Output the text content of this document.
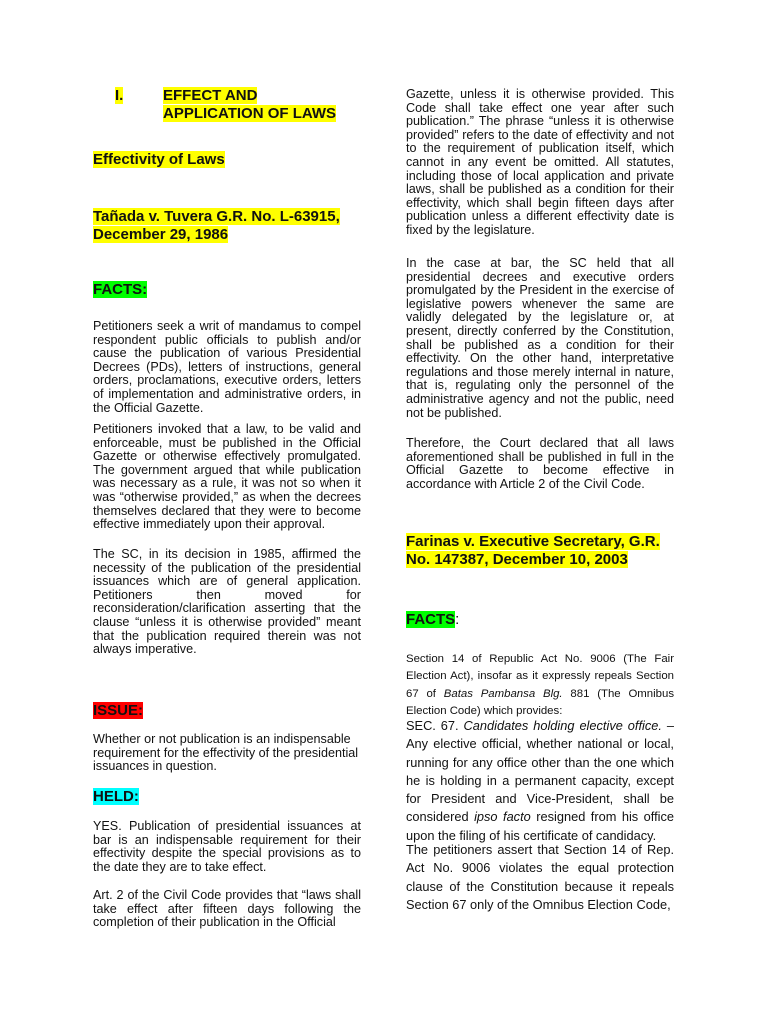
I.	EFFECT AND
APPLICATION OF LAWS
Effectivity of Laws
Tañada v. Tuvera G.R. No. L-63915,
December 29, 1986
FACTS:

Petitioners seek a writ of mandamus to compel respondent public officials to publish and/or cause the publication of various Presidential Decrees (PDs), letters of instructions, general orders, proclamations, executive orders, letters of implementation and administrative orders, in the Official Gazette.

Petitioners invoked that a law, to be valid and enforceable, must be published in the Official Gazette or otherwise effectively promulgated. The government argued that while publication was necessary as a rule, it was not so when it was “otherwise provided,” as when the decrees themselves declared that they were to become effective immediately upon their approval.

The SC, in its decision in 1985, affirmed the necessity of the publication of the presidential issuances which are of general application. Petitioners then moved for reconsideration/clarification asserting that the clause “unless it is otherwise provided” meant that the publication required therein was not always imperative.

ISSUE:

Whether or not publication is an indispensable requirement for the effectivity of the presidential issuances in question.

HELD:

YES. Publication of presidential issuances at bar is an indispensable requirement for their effectivity despite the special provisions as to the date they are to take effect.

Art. 2 of the Civil Code provides that “laws shall take effect after fifteen days following the completion of their publication in the Official

Gazette, unless it is otherwise provided. This Code shall take effect one year after such publication.” The phrase “unless it is otherwise provided” refers to the date of effectivity and not to the requirement of publication itself, which cannot in any event be omitted. All statutes, including those of local application and private laws, shall be published as a condition for their effectivity, which shall begin fifteen days after publication unless a different effectivity date is fixed by the legislature.

In the case at bar, the SC held that all presidential decrees and executive orders promulgated by the President in the exercise of legislative powers whenever the same are validly delegated by the legislature or, at present, directly conferred by the Constitution, shall be published as a condition for their effectivity. On the other hand, interpretative regulations and those merely internal in nature, that is, regulating only the personnel of the administrative agency and not the public, need not be published.

Therefore, the Court declared that all laws aforementioned shall be published in full in the Official Gazette to become effective in accordance with Article 2 of the Civil Code.

Farinas v. Executive Secretary, G.R.
No. 147387, December 10, 2003
FACTS:

Section 14 of Republic Act No. 9006 (The Fair Election Act), insofar as it expressly repeals Section 67 of Batas Pambansa Blg. 881 (The Omnibus Election Code) which provides:

SEC. 67. Candidates holding elective office. – Any elective official, whether national or local, running for any office other than the one which he is holding in a permanent capacity, except for President and Vice-President, shall be considered ipso facto resigned from his office upon the filing of his certificate of candidacy.

The petitioners assert that Section 14 of Rep. Act No. 9006 violates the equal protection clause of the Constitution because it repeals Section 67 only of the Omnibus Election Code,
